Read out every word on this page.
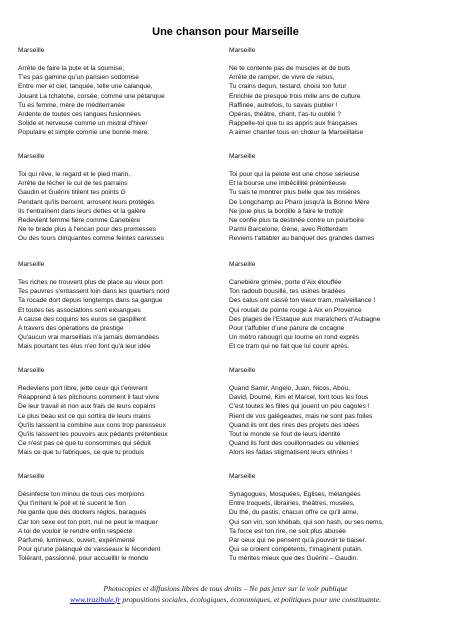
Une chanson pour Marseille
Marseille
Arrête de faire la pute et la soumise,
T'es pas gamine qu'un parisien sodomise
Entre mer et ciel, tanquée, telle une calanque,
Jouant La tchatche, corsée, comme une pétanque
Tu es femme, mère de méditerranée
Ardente de toutes ces langues fusionnées
Solide et nerveuse comme un mistral d'hiver
Populaire et simple comme une bonne mère.
Marseille
Toi qui rêve, le regard et le pied marin,
Arrête de lécher le cul de tes parrains
Gaudin et Guérini titilent tes points G
Pendant qu'ils bercent, arrosent leurs protégés
Ils t'entraînent dans leurs dettes et la galère
Redevient femme fière comme Canebière
Ne te brade plus à l'encan pour des promesses
Ou des tours clinquantes comme feintes caresses
Marseille
Tes riches ne trouvent plus de place au vieux port
Tes pauvres s'entassent loin dans les quartiers nord
Ta rocade dort depuis longtemps dans sa gangue
Et toutes tes associations sont exsangues
A cause des coquins tes euros se gaspillent
A travers des opérations de prestige
Qu'aucun vrai marseillais n'a jamais demandées
Mais pourtant tes élus n'en font qu'à leur idée
Marseille
Redeviens port libre, jette ceux qui t'enivrent
Réapprend à tes pitchouns comment il faut vivre
De leur travail et non aux frais de leurs copains
Le plus beau est ce qui sortira de leurs mains
Qu'ils laissent la combine aux cons trop paresseux
Qu'ils laissent les pouvoirs aux pédants prétentieux
Ce n'est pas ce que tu consommes qui séduit
Mais ce que tu fabriques, ce que tu produis
Marseille
Désinfecte ton minou de tous ces morpions
Qui t'irritent le poil et te sucent le fion
Ne garde que des dockers réglos, baraqués
Car ton sexe est ton port, nul ne peut le maquer
A toi de vouloir le rendre enfin respecté
Parfumé, lumineux, ouvert, expérimenté
Pour qu'une palanqué de vaisseaux le fécondent
Tolérant, passionné, pour accueillir le monde
Marseille
Ne te contente pas de muscles et de buts
Arrête de ramper, de vivre de rebus,
Tu crains degun, testard, choisi ton futur
Enrichie de presque trois mille ans de culture
Raffinée, autrefois, tu savais publier !
Opéras, théâtre, chant, t'as-tu oublié ?
Rappelle-toi que tu as appris aux françaises
A aimer chanter tous en chœur la Marseillaise
Marseille
Toi pour qui la pelote est une chose sérieuse
Et la bourse une imbécillité prétentieuse
Tu sais te montrer plus belle que tes misères
De Longchamp au Pharo jusqu'à la Bonne Mère
Ne joue plus la bordille à faire le trottoir
Ne confie plus ta destinée contre un pourboire
Parmi Barcelone, Gène, avec Rotterdam
Reviens t'attabler au banquet des grandes dames
Marseille
Canebière grimée, porte d'Aix étouffée
Ton radoub bousillé, tes usines bradées
Des calus ont cassé ton vieux tram, maïveillance !
Qui roulait de pointe rouge à Aix en Provence
Des plages de l'Estaque aux maraîchers d'Aubagne
Pour t'affubler d'une parure de cocagne
Un métro rabougri qui tourne en rond exprès
Et ce tram qui ne fait que lui courir après.
Marseille
Quand Samir, Angelo, Juan, Nicos, Abou,
David, Doumé, Kim et Marcel, font tous les fous
C'est toutes les filles qui jouent un peu cagoles !
Rient de vos galégeades, mais ne sont pas folles
Quand ils ont des rires des projets des idées
Tout le monde se fout de leurs identité
Quand ils font des couillonnades ou villenies
Alors les fadas stigmatisent leurs ethnies !
Marseille
Synagogues, Mosquées, Eglises, mélangées
Entre troquets, librairies, théâtres, musées,
Du thé, du pastis, chacun offre ce qu'il aime,
Qui son vin, son khébab, qui son hash, ou ses nems,
Ta force est ton rire, ne soit plus abusée
Par ceux qui ne pensent qu'à pouvoir te baiser.
Qui se croient compétents, t'imaginent putain.
Tu mérites mieux que des Guérini – Gaudin.
Photocopies et diffusions libres de tous droits – Ne pas jeter sur le voir publique
www.trazibule.fr propositions sociales, écologiques, économiques, et politiques pour une constituante.
